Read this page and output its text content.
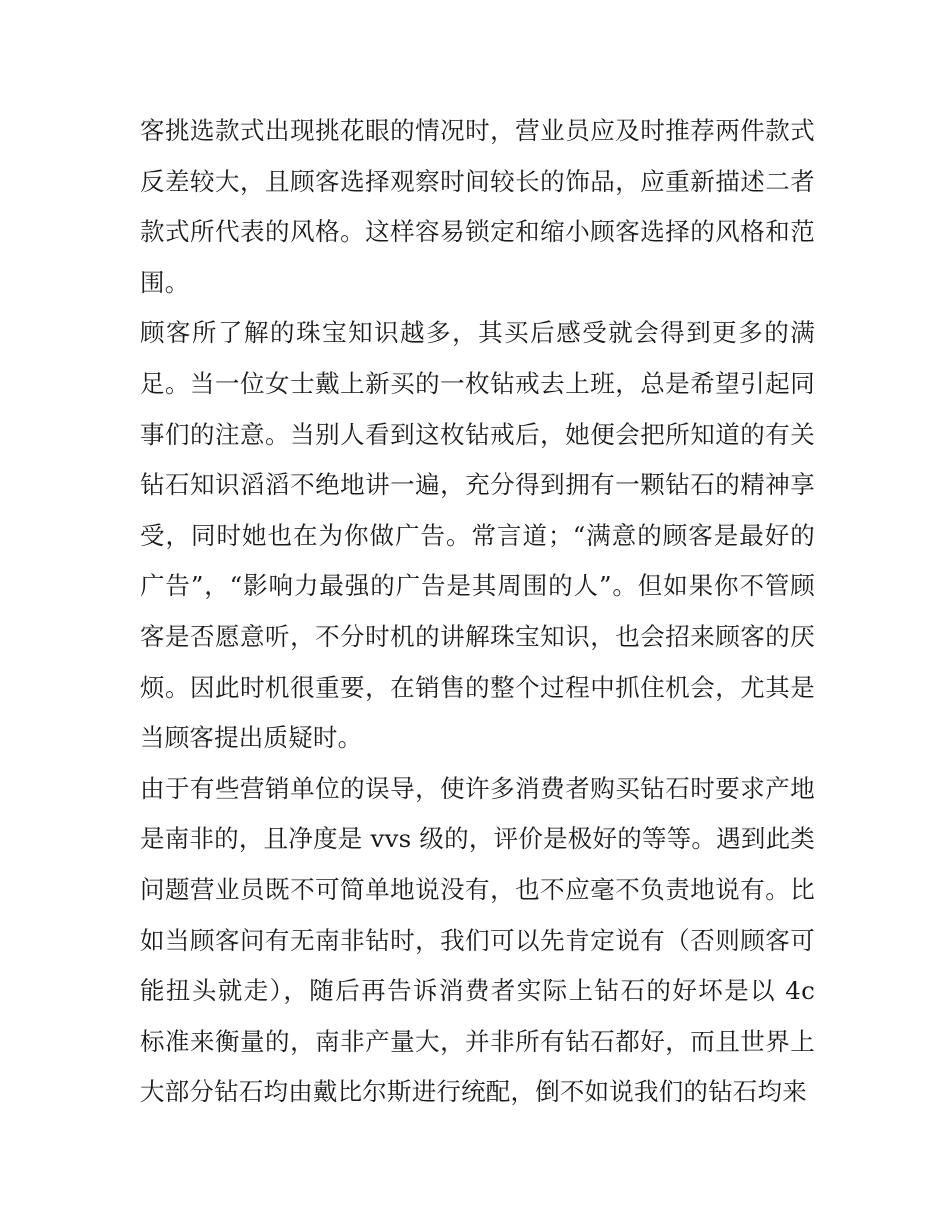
客挑选款式出现挑花眼的情况时，营业员应及时推荐两件款式反差较大，且顾客选择观察时间较长的饰品，应重新描述二者款式所代表的风格。这样容易锁定和缩小顾客选择的风格和范围。

顾客所了解的珠宝知识越多，其买后感受就会得到更多的满足。当一位女士戴上新买的一枚钻戒去上班，总是希望引起同事们的注意。当别人看到这枚钻戒后，她便会把所知道的有关钻石知识滔滔不绝地讲一遍，充分得到拥有一颗钻石的精神享受，同时她也在为你做广告。常言道；“满意的顾客是最好的广告”，“影响力最强的广告是其周围的人”。但如果你不管顾客是否愿意听，不分时机的讲解珠宝知识，也会招来顾客的厌烦。因此时机很重要，在销售的整个过程中抓住机会，尤其是当顾客提出质疑时。

由于有些营销单位的误导，使许多消费者购买钻石时要求产地是南非的，且净度是 vvs 级的，评价是极好的等等。遇到此类问题营业员既不可简单地说没有，也不应毫不负责地说有。比如当顾客问有无南非钻时，我们可以先肯定说有（否则顾客可能扭头就走），随后再告诉消费者实际上钻石的好坏是以 4c 标准来衡量的，南非产量大，并非所有钻石都好，而且世界上大部分钻石均由戴比尔斯进行统配，倒不如说我们的钻石均来
